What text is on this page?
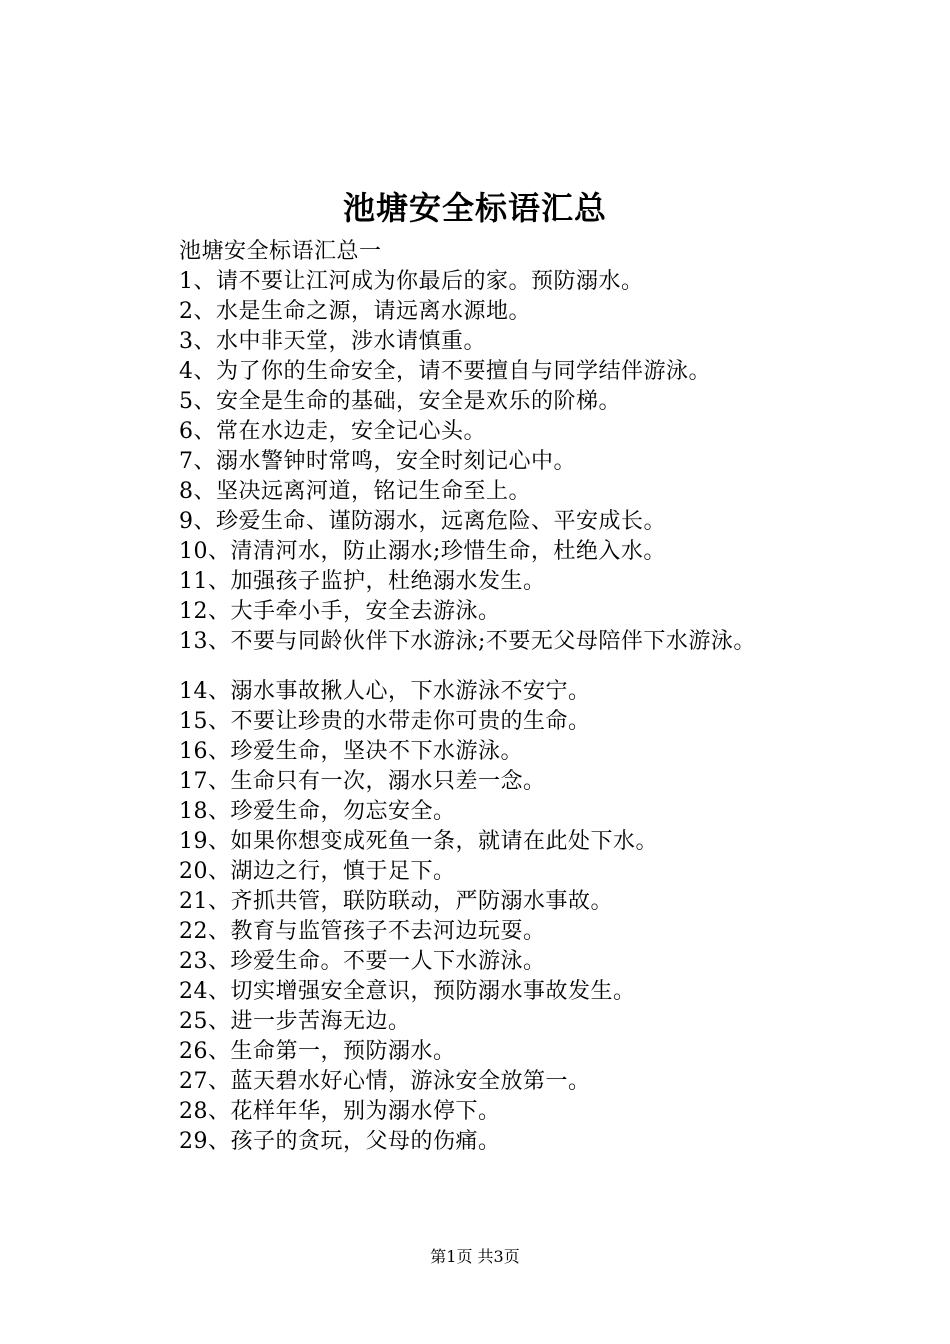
池塘安全标语汇总
池塘安全标语汇总一
1、请不要让江河成为你最后的家。预防溺水。
2、水是生命之源，请远离水源地。
3、水中非天堂，涉水请慎重。
4、为了你的生命安全，请不要擅自与同学结伴游泳。
5、安全是生命的基础，安全是欢乐的阶梯。
6、常在水边走，安全记心头。
7、溺水警钟时常鸣，安全时刻记心中。
8、坚决远离河道，铭记生命至上。
9、珍爱生命、谨防溺水，远离危险、平安成长。
10、清清河水，防止溺水;珍惜生命，杜绝入水。
11、加强孩子监护，杜绝溺水发生。
12、大手牵小手，安全去游泳。
13、不要与同龄伙伴下水游泳;不要无父母陪伴下水游泳。
14、溺水事故揪人心，下水游泳不安宁。
15、不要让珍贵的水带走你可贵的生命。
16、珍爱生命，坚决不下水游泳。
17、生命只有一次，溺水只差一念。
18、珍爱生命，勿忘安全。
19、如果你想变成死鱼一条，就请在此处下水。
20、湖边之行，慎于足下。
21、齐抓共管，联防联动，严防溺水事故。
22、教育与监管孩子不去河边玩耍。
23、珍爱生命。不要一人下水游泳。
24、切实增强安全意识，预防溺水事故发生。
25、进一步苦海无边。
26、生命第一，预防溺水。
27、蓝天碧水好心情，游泳安全放第一。
28、花样年华，别为溺水停下。
29、孩子的贪玩，父母的伤痛。
第1页 共3页
